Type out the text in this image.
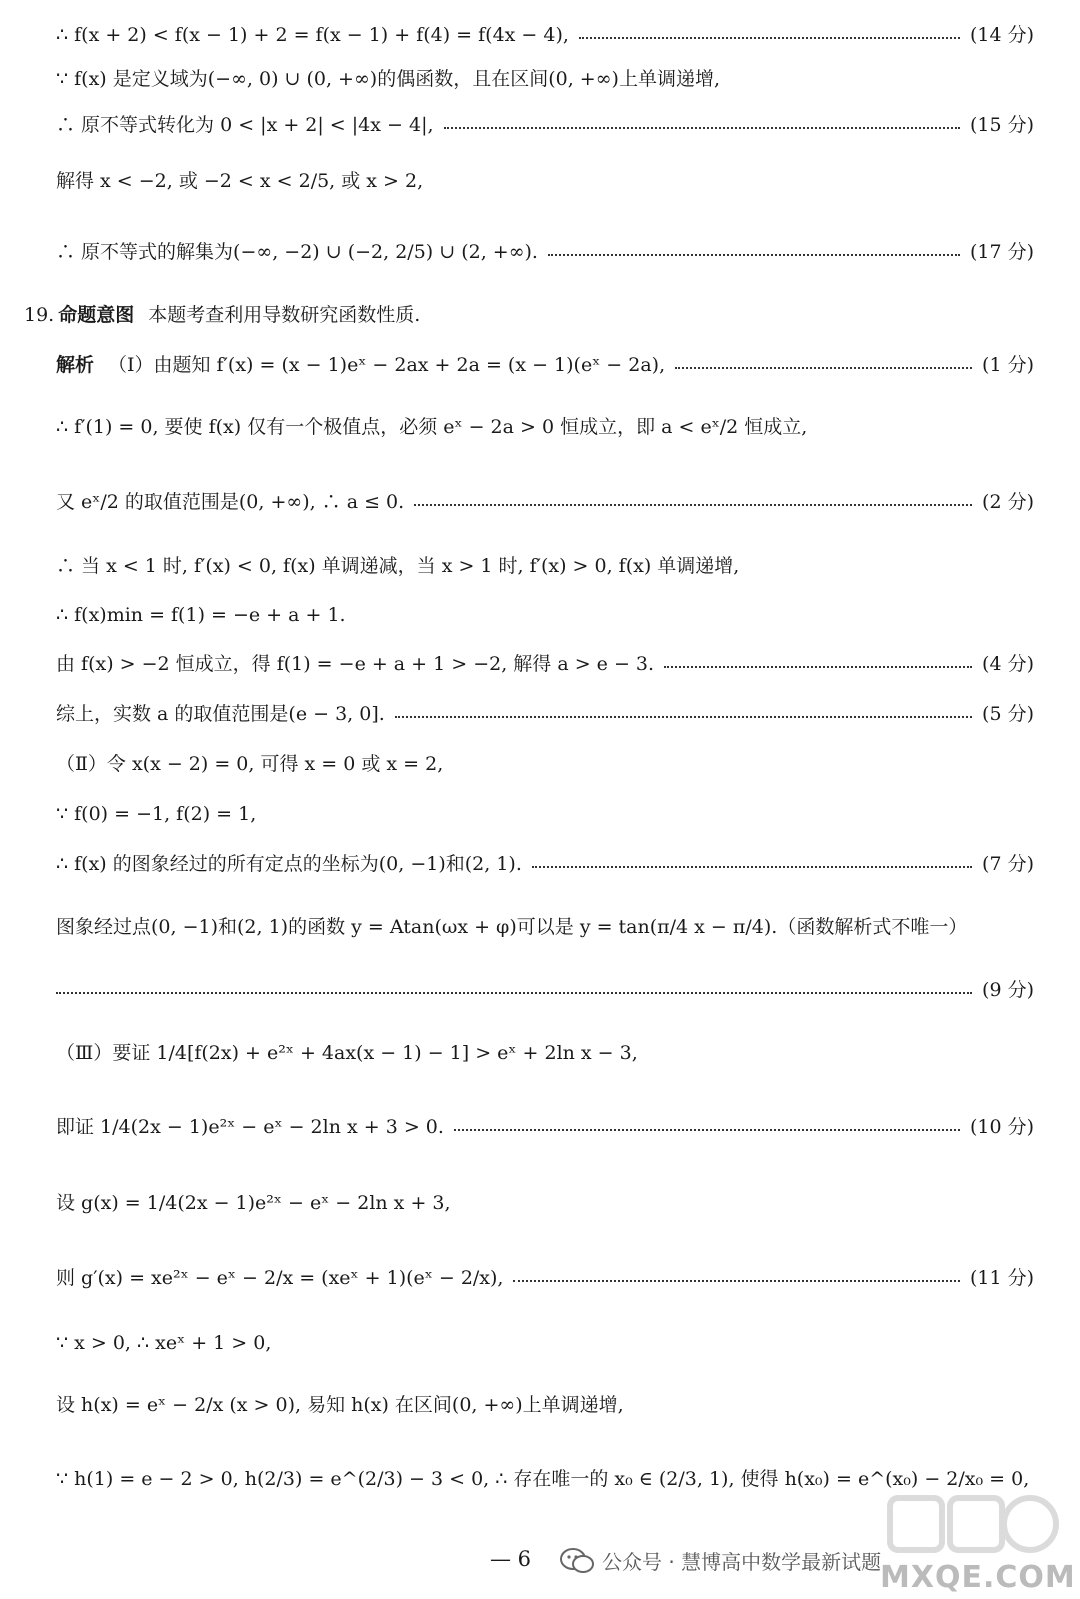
∴ f(x + 2) < f(x − 1) + 2 = f(x − 1) + f(4) = f(4x − 4),	(14 分)
∵ f(x) 是定义域为(−∞, 0) ∪ (0, +∞)的偶函数，且在区间(0, +∞)上单调递增,
∴ 原不等式转化为 0 < |x + 2| < |4x − 4|,	(15 分)
解得 x < −2, 或 −2 < x < 2/5, 或 x > 2,
∴ 原不等式的解集为(−∞, −2) ∪ (−2, 2/5) ∪ (2, +∞).	(17 分)
19. 命题意图 本题考查利用导数研究函数性质.
解析 （Ⅰ）由题知 f′(x) = (x − 1)eˣ − 2ax + 2a = (x − 1)(eˣ − 2a),	(1 分)
∴ f′(1) = 0, 要使 f(x) 仅有一个极值点，必须 eˣ − 2a > 0 恒成立，即 a < eˣ/2 恒成立,
又 eˣ/2 的取值范围是(0, +∞), ∴ a ≤ 0.	(2 分)
∴ 当 x < 1 时, f′(x) < 0, f(x) 单调递减，当 x > 1 时, f′(x) > 0, f(x) 单调递增,
∴ f(x)min = f(1) = −e + a + 1.
由 f(x) > −2 恒成立，得 f(1) = −e + a + 1 > −2, 解得 a > e − 3.	(4 分)
综上，实数 a 的取值范围是(e − 3, 0].	(5 分)
（Ⅱ）令 x(x − 2) = 0, 可得 x = 0 或 x = 2,
∵ f(0) = −1, f(2) = 1,
∴ f(x) 的图象经过的所有定点的坐标为(0, −1)和(2, 1).	(7 分)
图象经过点(0, −1)和(2, 1)的函数 y = Atan(ωx + φ)可以是 y = tan(π/4 x − π/4).（函数解析式不唯一）
(9 分)
（Ⅲ）要证 1/4[f(2x) + e²ˣ + 4ax(x − 1) − 1] > eˣ + 2ln x − 3,
即证 1/4(2x − 1)e²ˣ − eˣ − 2ln x + 3 > 0.	(10 分)
设 g(x) = 1/4(2x − 1)e²ˣ − eˣ − 2ln x + 3,
则 g′(x) = xe²ˣ − eˣ − 2/x = (xeˣ + 1)(eˣ − 2/x),	(11 分)
∵ x > 0, ∴ xeˣ + 1 > 0,
设 h(x) = eˣ − 2/x (x > 0), 易知 h(x) 在区间(0, +∞)上单调递增,
∵ h(1) = e − 2 > 0, h(2/3) = e^(2/3) − 3 < 0, ∴ 存在唯一的 x₀ ∈ (2/3, 1), 使得 h(x₀) = e^(x₀) − 2/x₀ = 0,
— 6	公众号 · 慧博高中数学最新试题
MXQE.COM
